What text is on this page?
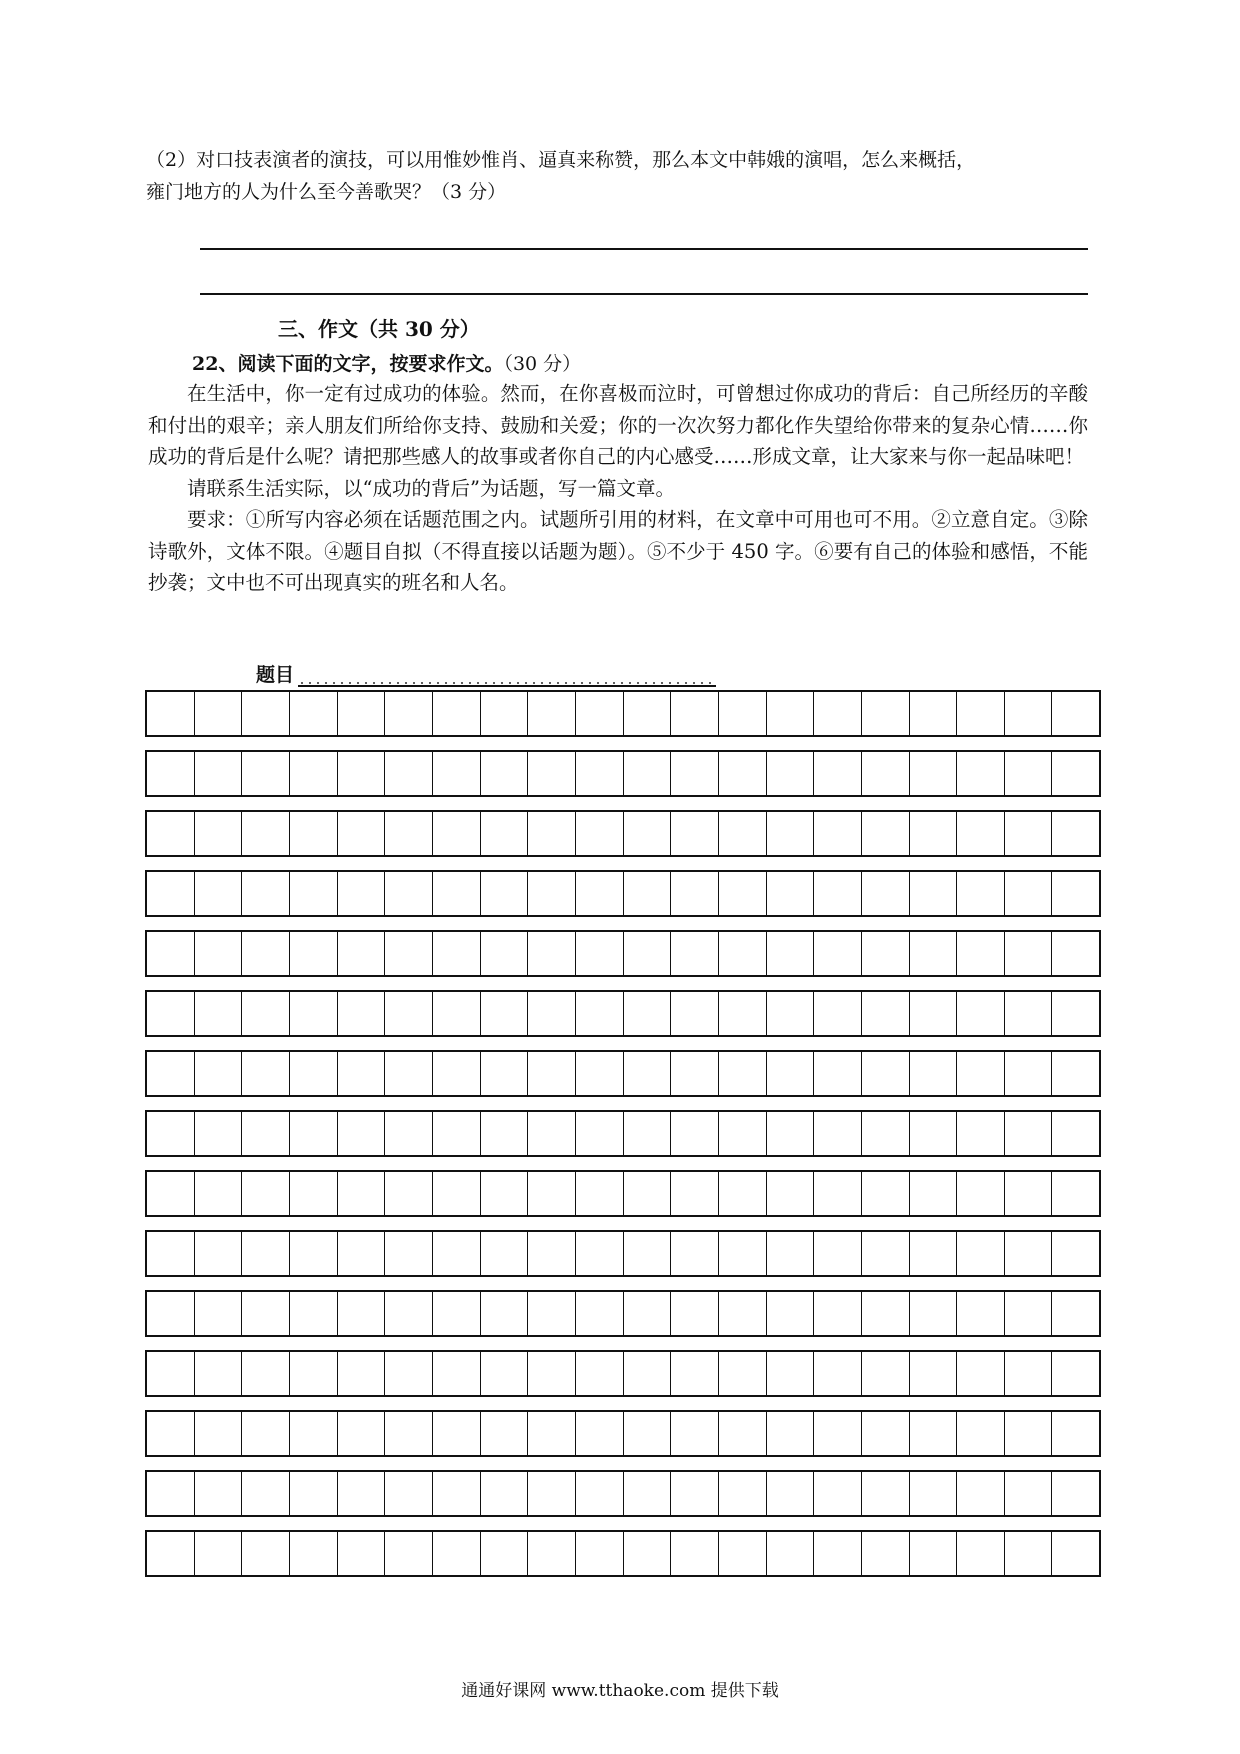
（2）对口技表演者的演技，可以用惟妙惟肖、逼真来称赞，那么本文中韩娥的演唱，怎么来概括，

雍门地方的人为什么至今善歌哭？（3 分）

三、作文（共 30 分）
22、阅读下面的文字，按要求作文。（30 分）

在生活中，你一定有过成功的体验。然而，在你喜极而泣时，可曾想过你成功的背后：自己所经历的辛酸和付出的艰辛；亲人朋友们所给你支持、鼓励和关爱；你的一次次努力都化作失望给你带来的复杂心情……你成功的背后是什么呢？请把那些感人的故事或者你自己的内心感受……形成文章，让大家来与你一起品味吧！

请联系生活实际，以“成功的背后”为话题，写一篇文章。

要求：①所写内容必须在话题范围之内。试题所引用的材料，在文章中可用也可不用。②立意自定。③除诗歌外，文体不限。④题目自拟（不得直接以话题为题）。⑤不少于 450 字。⑥要有自己的体验和感悟，不能抄袭；文中也不可出现真实的班名和人名。

题目
通通好课网 www.tthaoke.com 提供下载
